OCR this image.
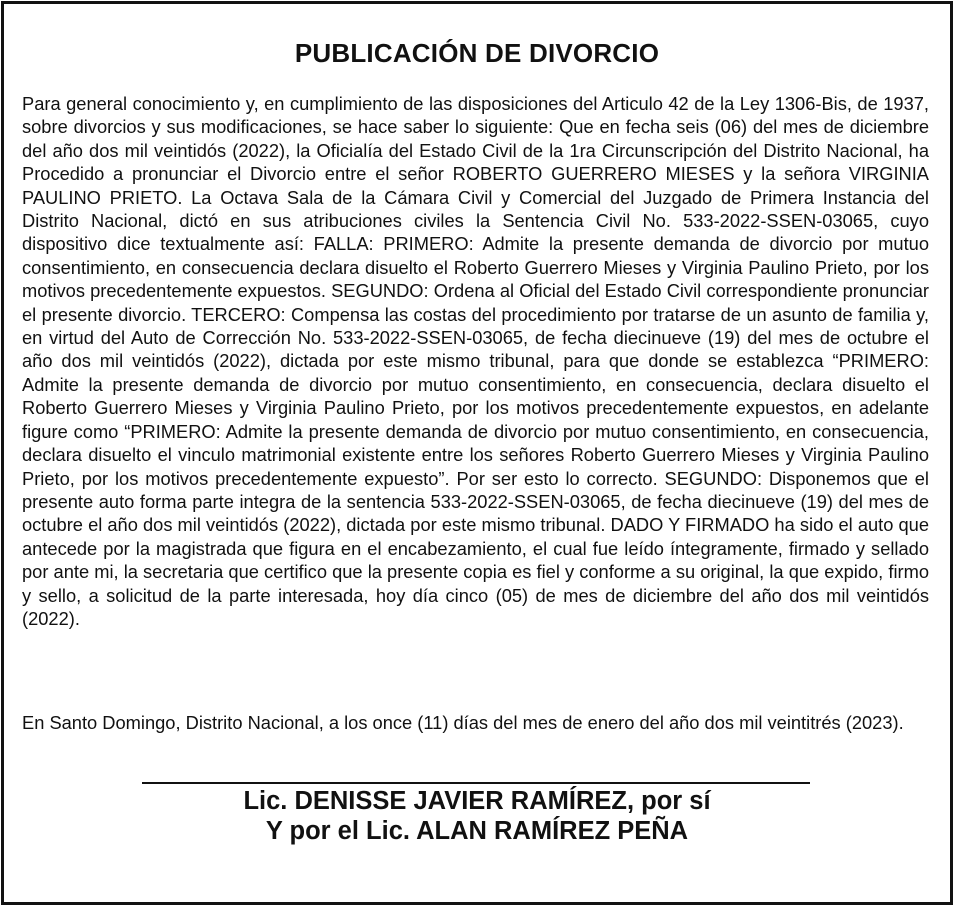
PUBLICACIÓN DE DIVORCIO

Para general conocimiento y, en cumplimiento de las disposiciones del Articulo 42 de la Ley 1306-Bis, de 1937, sobre divorcios y sus modificaciones, se hace saber lo siguiente: Que en fecha seis (06) del mes de diciembre del año dos mil veintidós (2022), la Oficialía del Estado Civil de la 1ra Circunscripción del Distrito Nacional, ha Procedido a pronunciar el Divorcio entre el señor ROBERTO GUERRERO MIESES y la señora VIRGINIA PAULINO PRIETO. La Octava Sala de la Cámara Civil y Comercial del Juzgado de Primera Instancia del Distrito Nacional, dictó en sus atribuciones civiles la Sentencia Civil No. 533-2022-SSEN-03065, cuyo dispositivo dice textualmente así: FALLA: PRIMERO: Admite la presente demanda de divorcio por mutuo consentimiento, en consecuencia declara disuelto el Roberto Guerrero Mieses y Virginia Paulino Prieto, por los motivos precedentemente expuestos. SEGUNDO: Ordena al Oficial del Estado Civil correspondiente pronunciar el presente divorcio. TERCERO: Compensa las costas del procedimiento por tratarse de un asunto de familia y, en virtud del Auto de Corrección No. 533-2022-SSEN-03065, de fecha diecinueve (19) del mes de octubre el año dos mil veintidós (2022), dictada por este mismo tribunal, para que donde se establezca “PRIMERO: Admite la presente demanda de divorcio por mutuo consentimiento, en consecuencia, declara disuelto el Roberto Guerrero Mieses y Virginia Paulino Prieto, por los motivos precedentemente expuestos, en adelante figure como “PRIMERO: Admite la presente demanda de divorcio por mutuo consentimiento, en consecuencia, declara disuelto el vinculo matrimonial existente entre los señores Roberto Guerrero Mieses y Virginia Paulino Prieto, por los motivos precedentemente expuesto”. Por ser esto lo correcto. SEGUNDO: Disponemos que el presente auto forma parte integra de la sentencia 533-2022-SSEN-03065, de fecha diecinueve (19) del mes de octubre el año dos mil veintidós (2022), dictada por este mismo tribunal. DADO Y FIRMADO ha sido el auto que antecede por la magistrada que figura en el encabezamiento, el cual fue leído íntegramente, firmado y sellado por ante mi, la secretaria que certifico que la presente copia es fiel y conforme a su original, la que expido, firmo y sello, a solicitud de la parte interesada, hoy día cinco (05) de mes de diciembre del año dos mil veintidós (2022).

En Santo Domingo, Distrito Nacional, a los once (11) días del mes de enero del año dos mil veintitrés (2023).

Lic. DENISSE JAVIER RAMÍREZ, por sí
Y por el Lic. ALAN RAMÍREZ PEÑA
